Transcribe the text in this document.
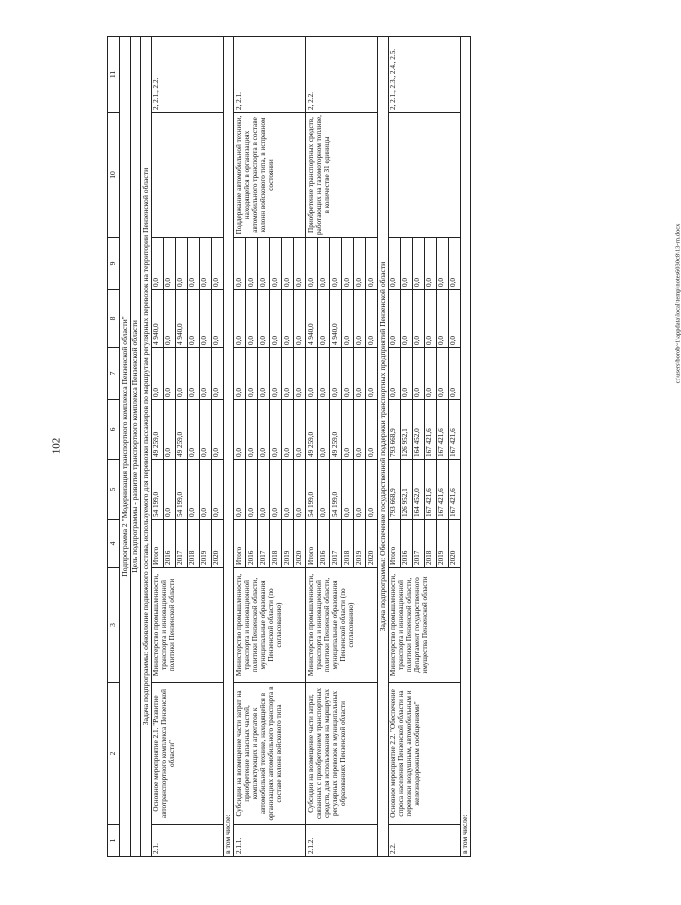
102
c:\users\borob~1\appdata\local\temp\notes6030c8\13-rn.docx
1	2	3	4	5	6	7	8	9	10	11
Подпрограмма 2 "Модернизация транспортного комплекса Пензенской области"										
Цель подпрограммы - развитие транспортного комплекса Пензенской области										
Задача подпрограммы: обновление подвижного состава, используемого для перевозки пассажиров по маршрутам регулярных перевозок на территории Пензенской области										
2.1.	Основное мероприятие 2.1. "Развитие автотранспортного комплекса Пензенской области"	Министерство промышленности, транспорта и инновационной политики Пензенской области	Итого	54 199,0	49 259,0	0,0	4 940,0	0,0		2, 2.1., 2.2.
			2016	0,0	0,0	0,0	0,0	0,0		
			2017	54 199,0	49 259,0	0,0	4 940,0	0,0		
			2018	0,0	0,0	0,0	0,0	0,0		
			2019	0,0	0,0	0,0	0,0	0,0		
			2020	0,0	0,0	0,0	0,0	0,0		
в том числе:										
2.1.1.	Субсидии на возмещение части затрат на приобретение запасных частей, комплектующих и агрегатов к автомобильной технике, находящейся в организациях автомобильного транспорта в составе колонн войскового типа	Министерство промышленности, транспорта и инновационной политики Пензенской области, муниципальные образования Пензенской области (по согласованию)	Итого	0,0	0,0	0,0	0,0	0,0	Поддержание автомобильной техники, находящейся в организациях автомобильного транспорта в составе колонн войскового типа, в исправном состоянии	2, 2.1.
			2016	0,0	0,0	0,0	0,0	0,0		
			2017	0,0	0,0	0,0	0,0	0,0		
			2018	0,0	0,0	0,0	0,0	0,0		
			2019	0,0	0,0	0,0	0,0	0,0		
			2020	0,0	0,0	0,0	0,0	0,0		
2.1.2.	Субсидии на возмещение части затрат, связанных с приобретением транспортных средств, для использования на маршрутах регулярных перевозок в муниципальных образованиях Пензенской области	Министерство промышленности, транспорта и инновационной политики Пензенской области, муниципальные образования Пензенской области (по согласованию)	Итого	54 199,0	49 259,0	0,0	4 940,0	0,0	Приобретение транспортных средств, работающих на газомоторном топливе, в количестве 31 единицы	2, 2.2.
			2016	0,0	0,0	0,0	0,0	0,0		
			2017	54 199,0	49 259,0	0,0	4 940,0	0,0		
			2018	0,0	0,0	0,0	0,0	0,0		
			2019	0,0	0,0	0,0	0,0	0,0		
			2020	0,0	0,0	0,0	0,0	0,0		
Задача подпрограммы: Обеспечение государственной поддержки транспортных предприятий Пензенской области										
2.2.	Основное мероприятие 2.2. "Обеспечение спроса населения Пензенской области на перевозки воздушным, автомобильным и железнодорожным сообщениями"	Министерство промышленности, транспорта и инновационной политики Пензенской области, Департамент государственного имущества Пензенской области	Итого	793 668,9	793 668,9	0,0	0,0	0,0		2, 2.1., 2.3., 2.4., 2.5.
			2016	126 952,1	126 952,1	0,0	0,0	0,0		
			2017	164 452,0	164 452,0	0,0	0,0	0,0		
			2018	167 421,6	167 421,6	0,0	0,0	0,0		
			2019	167 421,6	167 421,6	0,0	0,0	0,0		
			2020	167 421,6	167 421,6	0,0	0,0	0,0		
в том числе:										
